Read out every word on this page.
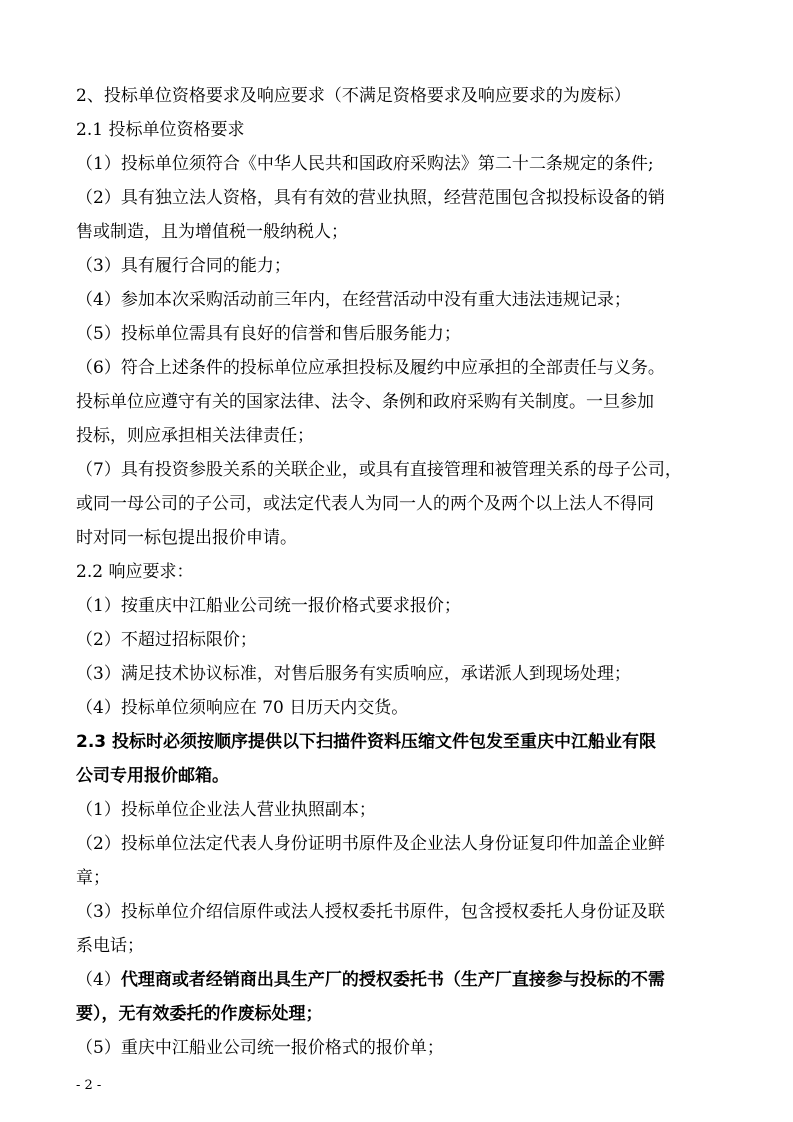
2、投标单位资格要求及响应要求（不满足资格要求及响应要求的为废标）
2.1 投标单位资格要求
（1）投标单位须符合《中华人民共和国政府采购法》第二十二条规定的条件;
（2）具有独立法人资格，具有有效的营业执照，经营范围包含拟投标设备的销
售或制造，且为增值税一般纳税人；
（3）具有履行合同的能力；
（4）参加本次采购活动前三年内，在经营活动中没有重大违法违规记录；
（5）投标单位需具有良好的信誉和售后服务能力；
（6）符合上述条件的投标单位应承担投标及履约中应承担的全部责任与义务。
投标单位应遵守有关的国家法律、法令、条例和政府采购有关制度。一旦参加
投标，则应承担相关法律责任；
（7）具有投资参股关系的关联企业，或具有直接管理和被管理关系的母子公司，
或同一母公司的子公司，或法定代表人为同一人的两个及两个以上法人不得同
时对同一标包提出报价申请。
2.2 响应要求：
（1）按重庆中江船业公司统一报价格式要求报价；
（2）不超过招标限价；
（3）满足技术协议标准，对售后服务有实质响应，承诺派人到现场处理；
（4）投标单位须响应在 70 日历天内交货。
2.3 投标时必须按顺序提供以下扫描件资料压缩文件包发至重庆中江船业有限
公司专用报价邮箱。
（1）投标单位企业法人营业执照副本；
（2）投标单位法定代表人身份证明书原件及企业法人身份证复印件加盖企业鲜
章；
（3）投标单位介绍信原件或法人授权委托书原件，包含授权委托人身份证及联
系电话；
（4）代理商或者经销商出具生产厂的授权委托书（生产厂直接参与投标的不需
要），无有效委托的作废标处理；
（5）重庆中江船业公司统一报价格式的报价单；
- 2 -
